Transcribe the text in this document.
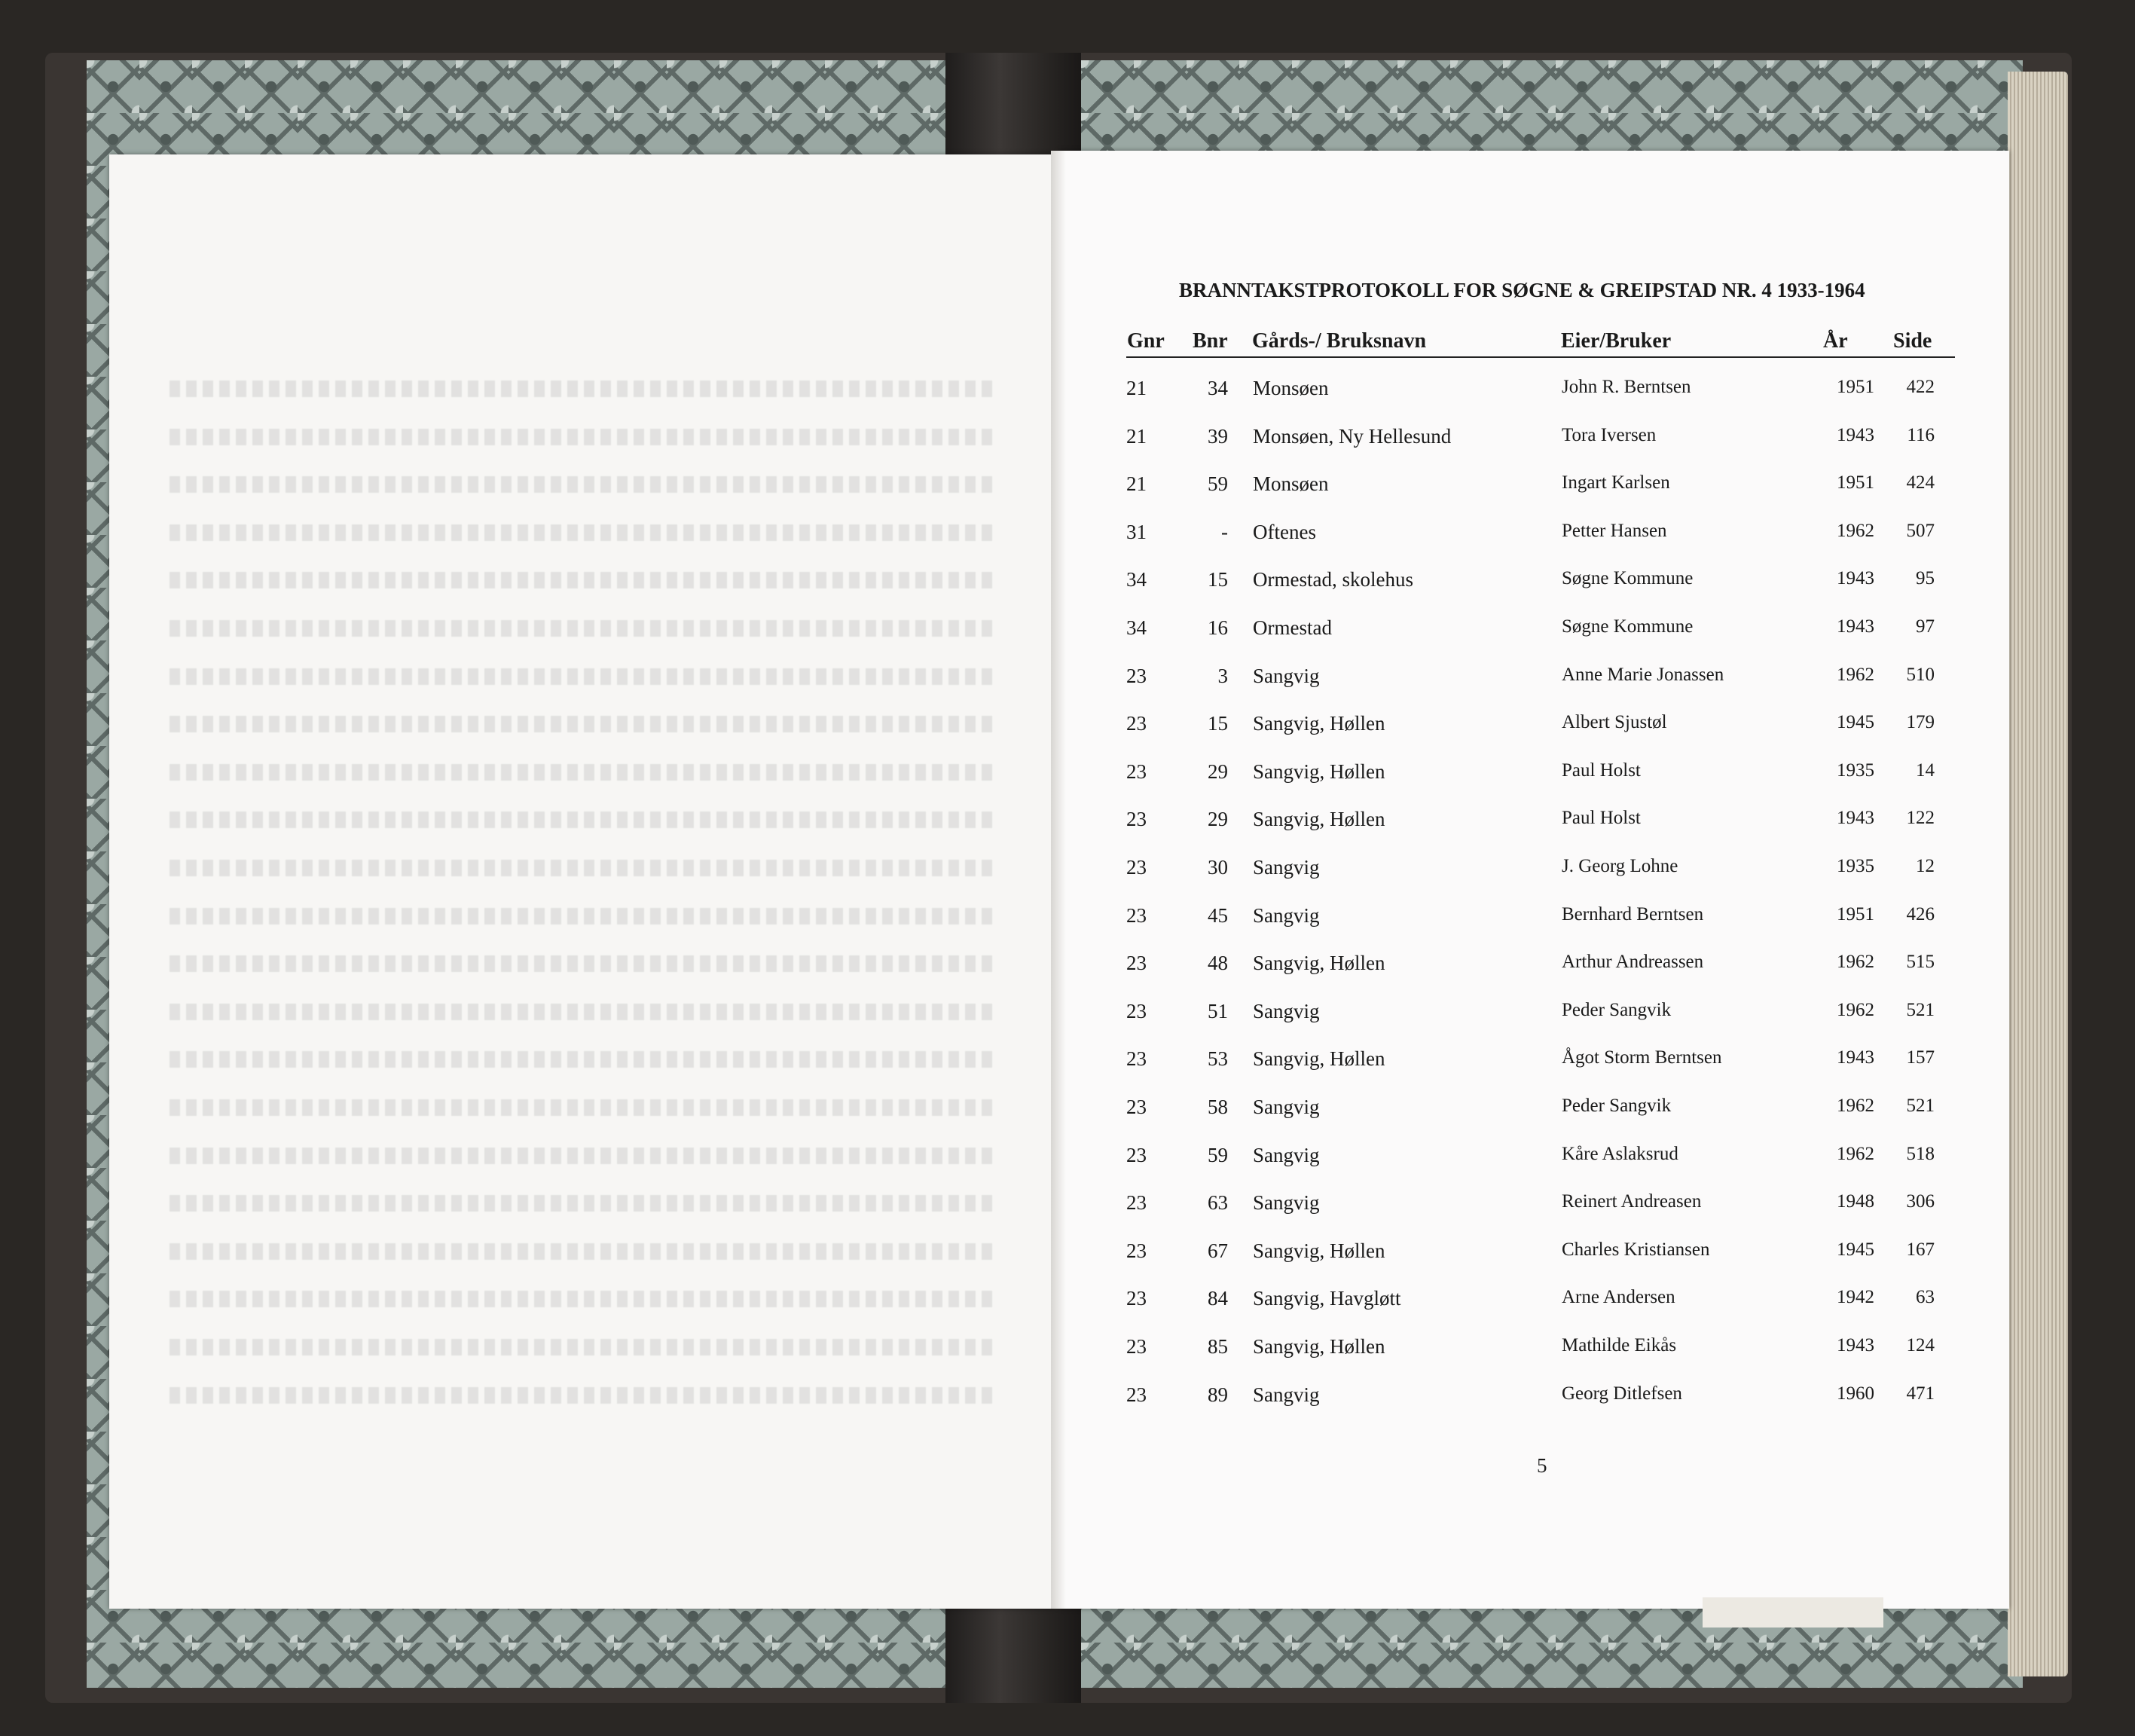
BRANNTAKSTPROTOKOLL FOR SØGNE & GREIPSTAD NR. 4 1933-1964
Gnr Bnr Gårds-/ Bruksnavn	Eier/Bruker	År Side
21	34 Monsøen	John R. Berntsen	1951	422
21	39 Monsøen, Ny Hellesund	Tora Iversen	1943	116
21	59 Monsøen	Ingart Karlsen	1951	424
31	- Oftenes	Petter Hansen	1962	507
34	15 Ormestad, skolehus	Søgne Kommune	1943	95
34	16 Ormestad	Søgne Kommune	1943	97
23	3 Sangvig	Anne Marie Jonassen	1962	510
23	15 Sangvig, Høllen	Albert Sjustøl	1945	179
23	29 Sangvig, Høllen	Paul Holst	1935	14
23	29 Sangvig, Høllen	Paul Holst	1943	122
23	30 Sangvig	J. Georg Lohne	1935	12
23	45 Sangvig	Bernhard Berntsen	1951	426
23	48 Sangvig, Høllen	Arthur Andreassen	1962	515
23	51 Sangvig	Peder Sangvik	1962	521
23	53 Sangvig, Høllen	Ågot Storm Berntsen	1943	157
23	58 Sangvig	Peder Sangvik	1962	521
23	59 Sangvig	Kåre Aslaksrud	1962	518
23	63 Sangvig	Reinert Andreasen	1948	306
23	67 Sangvig, Høllen	Charles Kristiansen	1945	167
23	84 Sangvig, Havgløtt	Arne Andersen	1942	63
23	85 Sangvig, Høllen	Mathilde Eikås	1943	124
23	89 Sangvig	Georg Ditlefsen	1960	471
5
